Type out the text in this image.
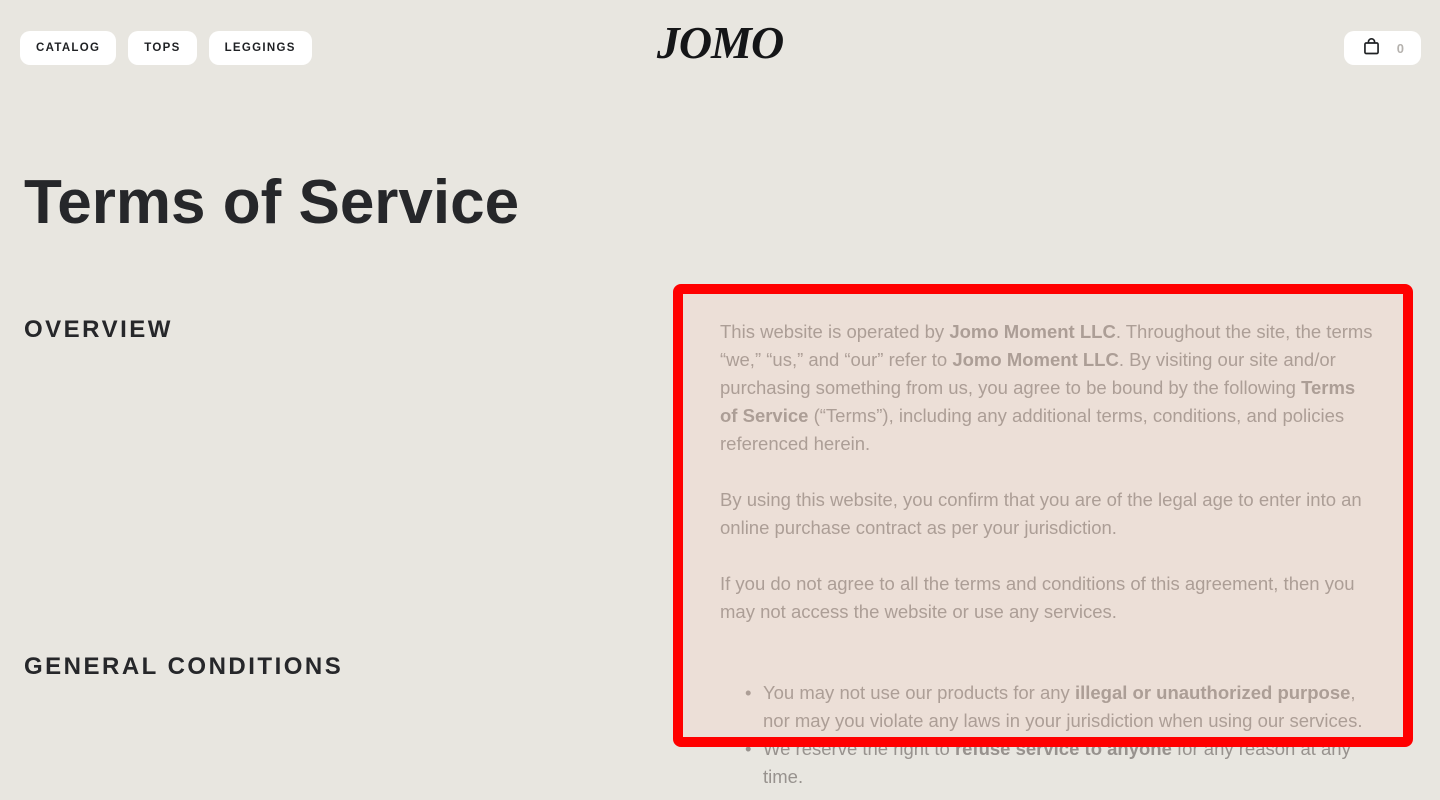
CATALOG	TOPS	LEGGINGS	JOMO	0
Terms of Service
OVERVIEW	This website is operated by Jomo Moment LLC. Throughout the site, the terms “we,” “us,” and “our” refer to Jomo Moment LLC. By visiting our site and/or purchasing something from us, you agree to be bound by the following Terms of Service (“Terms”), including any additional terms, conditions, and policies referenced herein.

By using this website, you confirm that you are of the legal age to enter into an online purchase contract as per your jurisdiction.

If you do not agree to all the terms and conditions of this agreement, then you may not access the website or use any services.

GENERAL CONDITIONS
• You may not use our products for any illegal or unauthorized purpose, nor may you violate any laws in your jurisdiction when using our services.
• We reserve the right to refuse service to anyone for any reason at any time.
